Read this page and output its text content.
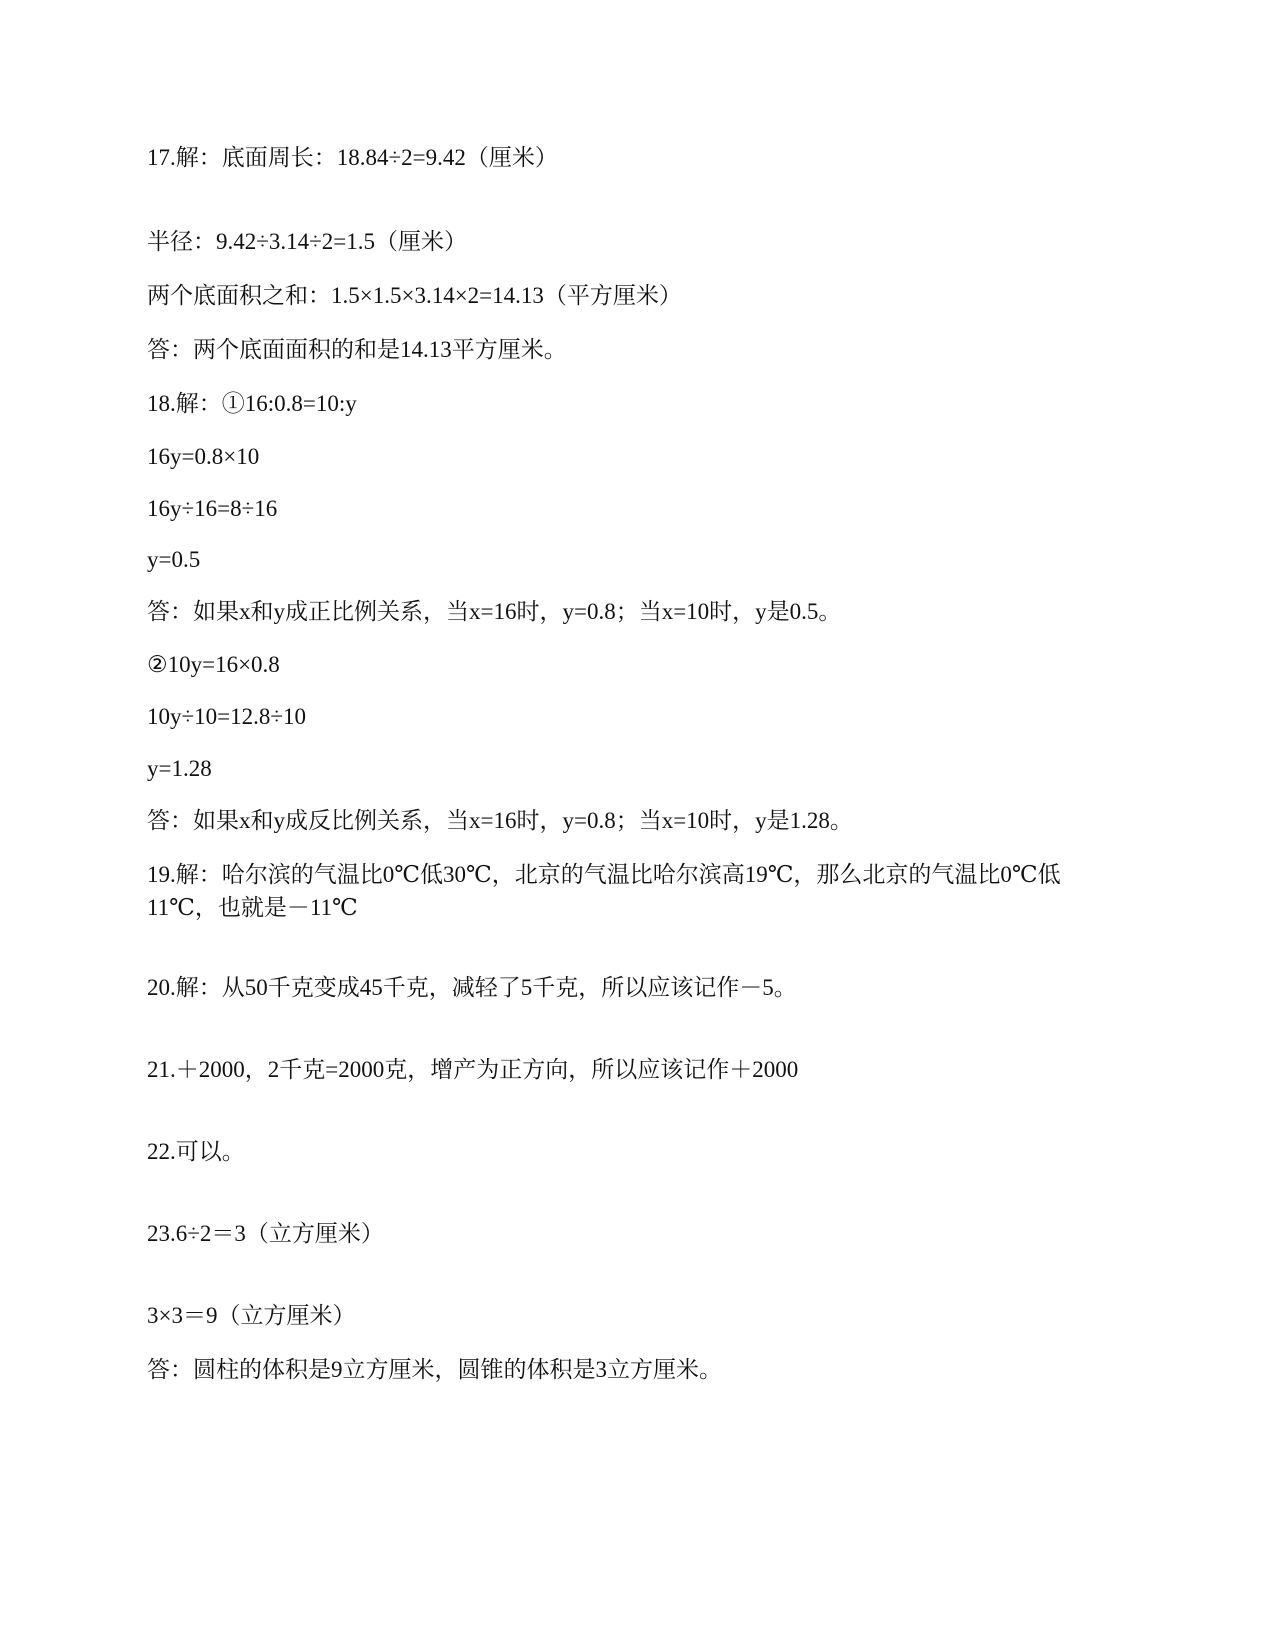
17.解：底面周长：18.84÷2=9.42（厘米）
半径：9.42÷3.14÷2=1.5（厘米）
两个底面积之和：1.5×1.5×3.14×2=14.13（平方厘米）
答：两个底面面积的和是14.13平方厘米。
18.解：①16:0.8=10:y
16y=0.8×10
16y÷16=8÷16
y=0.5
答：如果x和y成正比例关系，当x=16时，y=0.8；当x=10时，y是0.5。
②10y=16×0.8
10y÷10=12.8÷10
y=1.28
答：如果x和y成反比例关系，当x=16时，y=0.8；当x=10时，y是1.28。
19.解：哈尔滨的气温比0℃低30℃，北京的气温比哈尔滨高19℃，那么北京的气温比0℃低
11℃，也就是－11℃
20.解：从50千克变成45千克，减轻了5千克，所以应该记作－5。
21.＋2000，2千克=2000克，增产为正方向，所以应该记作＋2000
22.可以。
23.6÷2＝3（立方厘米）
3×3＝9（立方厘米）
答：圆柱的体积是9立方厘米，圆锥的体积是3立方厘米。
